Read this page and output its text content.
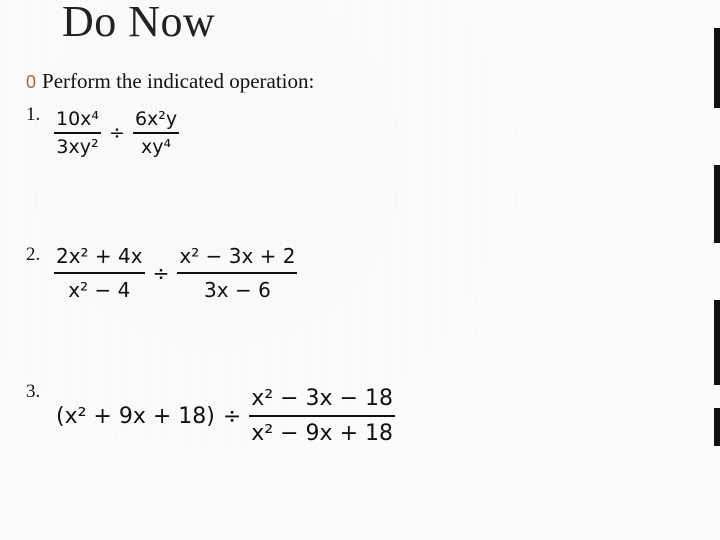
Do Now
0 Perform the indicated operation:
1. $\frac{\text{10x⁴}}{\text{3xy²}} \div \frac{\text{6x²y}}{\text{xy⁴}}$
2. $\frac{\text{2x² + 4x}}{\text{x² − 4}} \div \frac{\text{x² − 3x + 2}}{3x - 6}$
3.
$(x^2 + 9x + 18) \div \frac{\text{x² − 3x − 18}}{\text{x² − 9x + 18}}$
